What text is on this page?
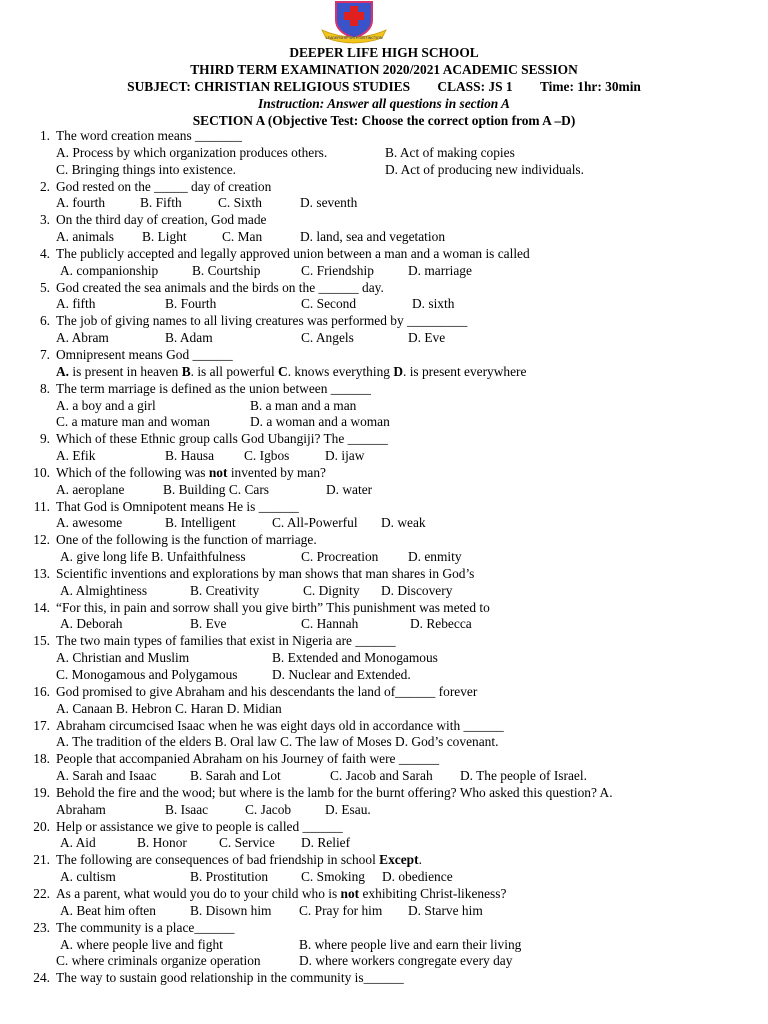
LEADERSHIP WITH DISTINCTION
DEEPER LIFE HIGH SCHOOL
THIRD TERM EXAMINATION 2020/2021 ACADEMIC SESSION
SUBJECT: CHRISTIAN RELIGIOUS STUDIES CLASS: JS 1 Time: 1hr: 30min
Instruction: Answer all questions in section A
SECTION A (Objective Test: Choose the correct option from A –D)
1. The word creation means _______
A. Process by which organization produces others.	B. Act of making copies
C. Bringing things into existence.	D. Act of producing new individuals.
2. God rested on the _____ day of creation
A. fourth	B. Fifth	C. Sixth	D. seventh
3. On the third day of creation, God made
A. animals B. Light	C. Man	D. land, sea and vegetation
4. The publicly accepted and legally approved union between a man and a woman is called
A. companionship	B. Courtship	C. Friendship	D. marriage
5. God created the sea animals and the birds on the ______ day.
A. fifth	B. Fourth	C. Second	D. sixth
6. The job of giving names to all living creatures was performed by _________
A. Abram	B. Adam	C. Angels	D. Eve
7. Omnipresent means God ______
A. is present in heaven B. is all powerful C. knows everything D. is present everywhere
8. The term marriage is defined as the union between ______
A. a boy and a girl	B. a man and a man
C. a mature man and woman	D. a woman and a woman
9. Which of these Ethnic group calls God Ubangiji? The ______
A. Efik	B. Hausa C. Igbos	D. ijaw
10. Which of the following was not invented by man?
A. aeroplane	B. Building C. Cars	D. water
11. That God is Omnipotent means He is ______
A. awesome	B. Intelligent	C. All-Powerful D. weak
12. One of the following is the function of marriage.
A. give long life B. Unfaithfulness	C. Procreation D. enmity
13. Scientific inventions and explorations by man shows that man shares in God’s
A. Almightiness	B. Creativity	C. Dignity D. Discovery
14. “For this, in pain and sorrow shall you give birth” This punishment was meted to
A. Deborah	B. Eve	C. Hannah	D. Rebecca
15. The two main types of families that exist in Nigeria are ______
A. Christian and Muslim	B. Extended and Monogamous
C. Monogamous and Polygamous	D. Nuclear and Extended.
16. God promised to give Abraham and his descendants the land of______ forever
A. Canaan B. Hebron C. Haran D. Midian
17. Abraham circumcised Isaac when he was eight days old in accordance with ______
A. The tradition of the elders B. Oral law C. The law of Moses D. God’s covenant.
18. People that accompanied Abraham on his Journey of faith were ______
A. Sarah and Isaac	B. Sarah and Lot	C. Jacob and Sarah D. The people of Israel.
19. Behold the fire and the wood; but where is the lamb for the burnt offering? Who asked this question? A.
Abraham	B. Isaac	C. Jacob	D. Esau.
20. Help or assistance we give to people is called ______
A. Aid	B. Honor C. Service D. Relief
21. The following are consequences of bad friendship in school Except.
A. cultism	B. Prostitution C. Smoking D. obedience
22. As a parent, what would you do to your child who is not exhibiting Christ-likeness?
A. Beat him often	B. Disown him C. Pray for him D. Starve him
23. The community is a place______
A. where people live and fight	B. where people live and earn their living
C. where criminals organize operation	D. where workers congregate every day
24. The way to sustain good relationship in the community is______
